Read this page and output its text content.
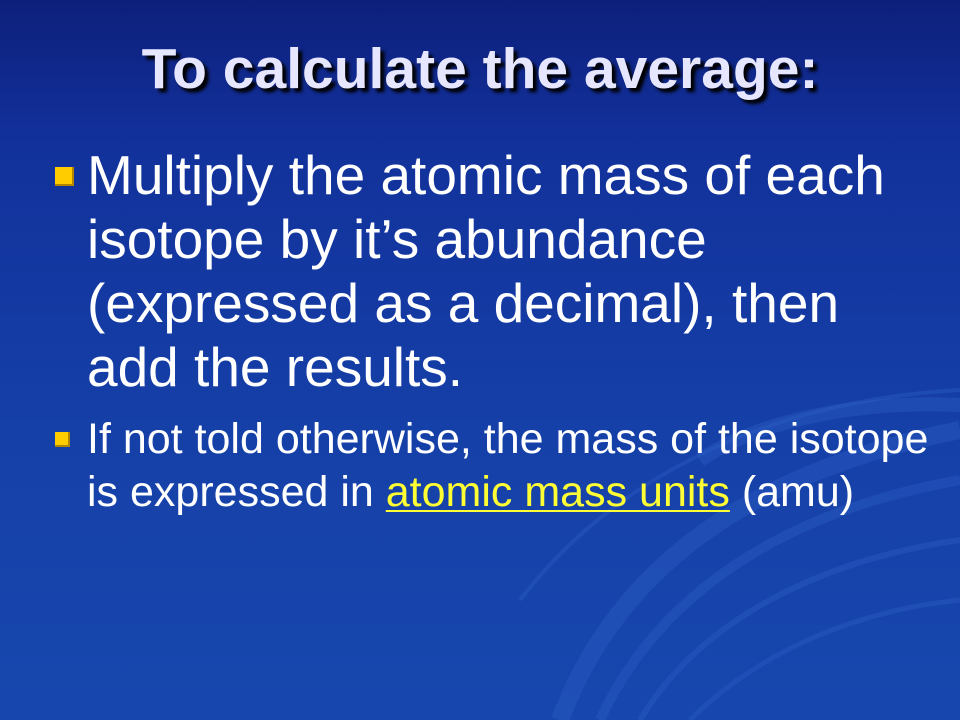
To calculate the average:
Multiply the atomic mass of each isotope by it’s abundance (expressed as a decimal), then add the results.
If not told otherwise, the mass of the isotope is expressed in atomic mass units (amu)
